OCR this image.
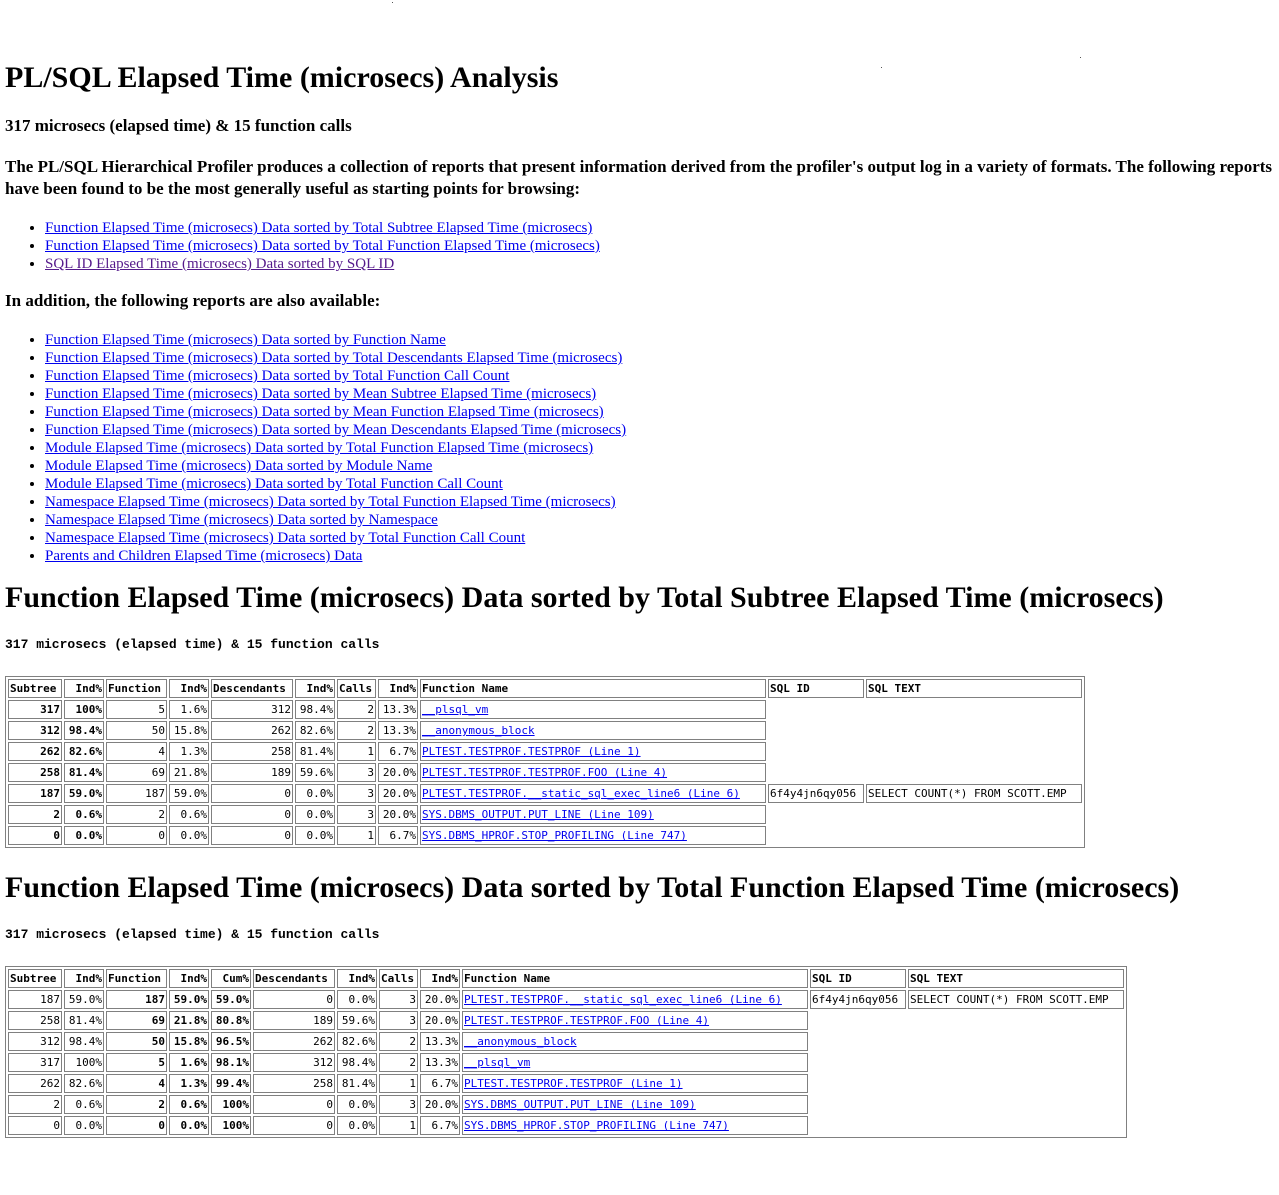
PL/SQL Elapsed Time (microsecs) Analysis
317 microsecs (elapsed time) & 15 function calls
The PL/SQL Hierarchical Profiler produces a collection of reports that present information derived from the profiler's output log in a variety of formats. The following reports have been found to be the most generally useful as starting points for browsing:
• Function Elapsed Time (microsecs) Data sorted by Total Subtree Elapsed Time (microsecs)
• Function Elapsed Time (microsecs) Data sorted by Total Function Elapsed Time (microsecs)
• SQL ID Elapsed Time (microsecs) Data sorted by SQL ID
In addition, the following reports are also available:
• Function Elapsed Time (microsecs) Data sorted by Function Name
• Function Elapsed Time (microsecs) Data sorted by Total Descendants Elapsed Time (microsecs)
• Function Elapsed Time (microsecs) Data sorted by Total Function Call Count
• Function Elapsed Time (microsecs) Data sorted by Mean Subtree Elapsed Time (microsecs)
• Function Elapsed Time (microsecs) Data sorted by Mean Function Elapsed Time (microsecs)
• Function Elapsed Time (microsecs) Data sorted by Mean Descendants Elapsed Time (microsecs)
• Module Elapsed Time (microsecs) Data sorted by Total Function Elapsed Time (microsecs)
• Module Elapsed Time (microsecs) Data sorted by Module Name
• Module Elapsed Time (microsecs) Data sorted by Total Function Call Count
• Namespace Elapsed Time (microsecs) Data sorted by Total Function Elapsed Time (microsecs)
• Namespace Elapsed Time (microsecs) Data sorted by Namespace
• Namespace Elapsed Time (microsecs) Data sorted by Total Function Call Count
• Parents and Children Elapsed Time (microsecs) Data
Function Elapsed Time (microsecs) Data sorted by Total Subtree Elapsed Time (microsecs)
317 microsecs (elapsed time) & 15 function calls
Subtree	Ind%	Function	Ind%	Descendants	Ind%	Calls	Ind%	Function Name	SQL ID	SQL TEXT
317	100%	5	1.6%	312	98.4%	2	13.3%	__plsql_vm		
312	98.4%	50	15.8%	262	82.6%	2	13.3%	__anonymous_block		
262	82.6%	4	1.3%	258	81.4%	1	6.7%	PLTEST.TESTPROF.TESTPROF (Line 1)		
258	81.4%	69	21.8%	189	59.6%	3	20.0%	PLTEST.TESTPROF.TESTPROF.FOO (Line 4)		
187	59.0%	187	59.0%	0	0.0%	3	20.0%	PLTEST.TESTPROF.__static_sql_exec_line6 (Line 6)	6f4y4jn6qy056	SELECT COUNT(*) FROM SCOTT.EMP
2	0.6%	2	0.6%	0	0.0%	3	20.0%	SYS.DBMS_OUTPUT.PUT_LINE (Line 109)		
0	0.0%	0	0.0%	0	0.0%	1	6.7%	SYS.DBMS_HPROF.STOP_PROFILING (Line 747)		
Function Elapsed Time (microsecs) Data sorted by Total Function Elapsed Time (microsecs)
317 microsecs (elapsed time) & 15 function calls
Subtree	Ind%	Function	Ind%	Cum%	Descendants	Ind%	Calls	Ind%	Function Name	SQL ID	SQL TEXT
187	59.0%	187	59.0%	59.0%	0	0.0%	3	20.0%	PLTEST.TESTPROF.__static_sql_exec_line6 (Line 6)	6f4y4jn6qy056	SELECT COUNT(*) FROM SCOTT.EMP
258	81.4%	69	21.8%	80.8%	189	59.6%	3	20.0%	PLTEST.TESTPROF.TESTPROF.FOO (Line 4)		
312	98.4%	50	15.8%	96.5%	262	82.6%	2	13.3%	__anonymous_block		
317	100%	5	1.6%	98.1%	312	98.4%	2	13.3%	__plsql_vm		
262	82.6%	4	1.3%	99.4%	258	81.4%	1	6.7%	PLTEST.TESTPROF.TESTPROF (Line 1)		
2	0.6%	2	0.6%	100%	0	0.0%	3	20.0%	SYS.DBMS_OUTPUT.PUT_LINE (Line 109)		
0	0.0%	0	0.0%	100%	0	0.0%	1	6.7%	SYS.DBMS_HPROF.STOP_PROFILING (Line 747)		
